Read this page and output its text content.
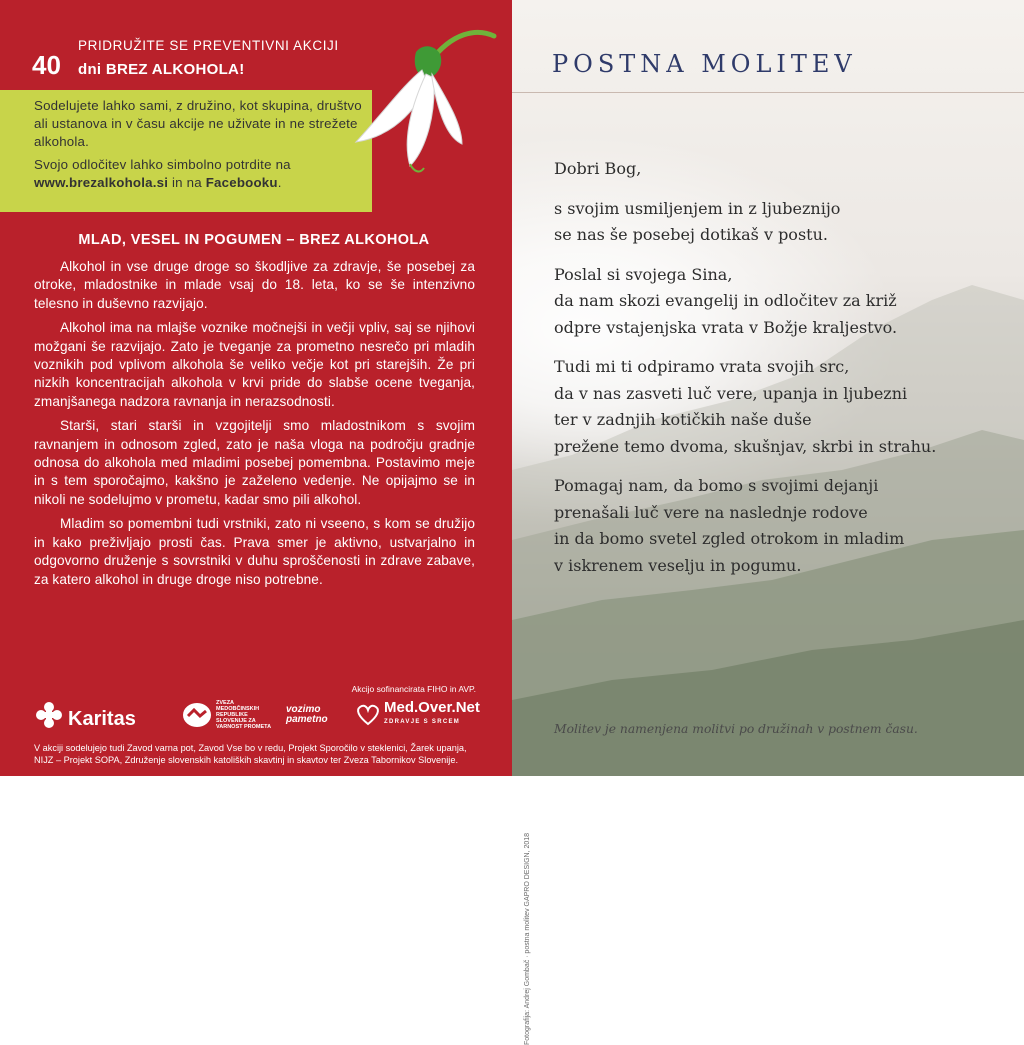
PRIDRUŽITE SE PREVENTIVNI AKCIJI
40 dni BREZ ALKOHOLA!

Sodelujete lahko sami, z družino, kot skupina, društvo ali ustanova in v času akcije ne uživate in ne strežete alkohola.

Svojo odločitev lahko simbolno potrdite na www.brezalkohola.si in na Facebooku.

MLAD, VESEL IN POGUMEN – BREZ ALKOHOLA

Alkohol in vse druge droge so škodljive za zdravje, še posebej za otroke, mladostnike in mlade vsaj do 18. leta, ko se še intenzivno telesno in duševno razvijajo.

Alkohol ima na mlajše voznike močnejši in večji vpliv, saj se njihovi možgani še razvijajo. Zato je tveganje za prometno nesrečo pri mladih voznikih pod vplivom alkohola še veliko večje kot pri starejših. Že pri nizkih koncentracijah alkohola v krvi pride do slabše ocene tveganja, zmanjšanega nadzora ravnanja in nerazsodnosti.

Starši, stari starši in vzgojitelji smo mladostnikom s svojim ravnanjem in odnosom zgled, zato je naša vloga na področju gradnje odnosa do alkohola med mladimi posebej pomembna. Postavimo meje in s tem sporočajmo, kakšno je zaželeno vedenje. Ne opijajmo se in nikoli ne sodelujmo v prometu, kadar smo pili alkohol.

Mladim so pomembni tudi vrstniki, zato ni vseeno, s kom se družijo in kako preživljajo prosti čas. Prava smer je aktivno, ustvarjalno in odgovorno druženje s sovrstniki v duhu sproščenosti in zdrave zabave, za katero alkohol in druge droge niso potrebne.

Akcijo sofinancirata FIHO in AVP.
Karitas
ZVEZA MEDOBČINSKIH REPUBLIKE SLOVENIJE ZA VARNOST PROMETA
vozimo pametno
Med.Over.Net
ZDRAVJE S SRCEM
V akciji sodelujejo tudi Zavod varna pot, Zavod Vse bo v redu, Projekt Sporočilo v steklenici, Žarek upanja, NIJZ – Projekt SOPA, Združenje slovenskih katoliških skavtinj in skavtov ter Zveza Tabornikov Slovenije.
POSTNA MOLITEV

Dobri Bog,

s svojim usmiljenjem in z ljubeznijo
se nas še posebej dotikaš v postu.

Poslal si svojega Sina,
da nam skozi evangelij in odločitev za križ
odpre vstajenjska vrata v Božje kraljestvo.

Tudi mi ti odpiramo vrata svojih src,
da v nas zasveti luč vere, upanja in ljubezni
ter v zadnjih kotičkih naše duše
preženе temo dvoma, skušnjav, skrbi in strahu.

Pomagaj nam, da bomo s svojimi dejanji
prenašali luč vere na naslednje rodove
in da bomo svetel zgled otrokom in mladim
v iskrenem veselju in pogumu.

Fotografija: Andrej Gombač · postna molitev GAPRO DESIGN, 2018
Molitev je namenjena molitvi po družinah v postnem času.
